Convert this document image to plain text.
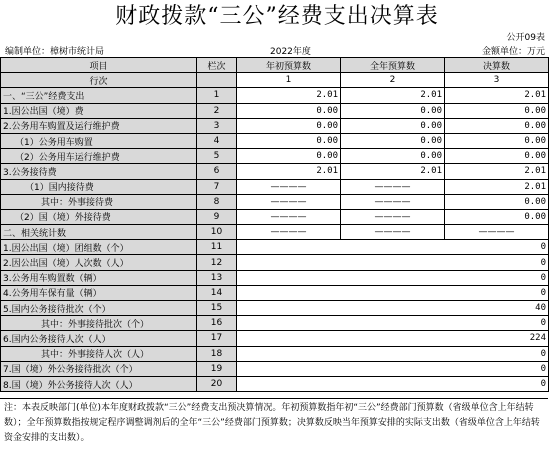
财政拨款“三公”经费支出决算表
公开09表
编制单位：樟树市统计局	2022年度	金额单位：万元
项目	栏次	年初预算数	全年预算数	决算数
行次		1	2	3
一、“三公”经费支出	1	2.01	2.01	2.01
1.因公出国（境）费	2	0.00	0.00	0.00
2.公务用车购置及运行维护费	3	0.00	0.00	0.00
（1）公务用车购置	4	0.00	0.00	0.00
（2）公务用车运行维护费	5	0.00	0.00	0.00
3.公务接待费	6	2.01	2.01	2.01
（1）国内接待费	7	————	————	2.01
其中：外事接待费	8	————	————	0.00
（2）国（境）外接待费	9	————	————	0.00
二、相关统计数	10	————	————	————
1.因公出国（境）团组数（个）	11	0		
2.因公出国（境）人次数（人）	12	0		
3.公务用车购置数（辆）	13	0		
4.公务用车保有量（辆）	14	0		
5.国内公务接待批次（个）	15	40		
其中：外事接待批次（个）	16	0		
6.国内公务接待人次（人）	17	224		
其中：外事接待人次（人）	18	0		
7.国（境）外公务接待批次（个）	19	0		
8.国（境）外公务接待人次（人）	20	0		
注：本表反映部门(单位)本年度财政拨款“三公”经费支出预决算情况。年初预算数指年初“三公”经费部门预算数（省级单位含上年结转数）；全年预算数指按规定程序调整调剂后的全年“三公”经费部门预算数；决算数反映当年预算安排的实际支出数（省级单位含上年结转资金安排的支出数）。
